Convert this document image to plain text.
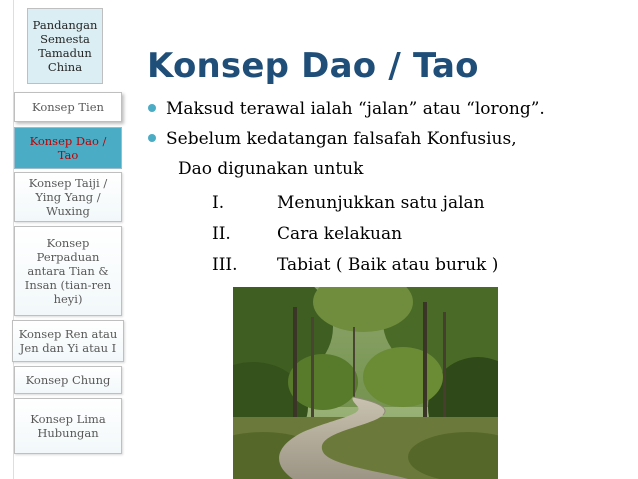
Pandangan Semesta Tamadun China
Konsep Tien
Konsep Dao / Tao
Konsep Taiji / Ying Yang / Wuxing
Konsep Perpaduan antara Tian & Insan (tian-ren heyi)
Konsep Ren atau Jen dan Yi atau I
Konsep Chung
Konsep Lima Hubungan
Konsep Dao / Tao
Maksud terawal ialah “jalan” atau “lorong”.
Sebelum kedatangan falsafah Konfusius,
Dao digunakan untuk
I.	Menunjukkan satu jalan
II.	Cara kelakuan
III. Tabiat ( Baik atau buruk )
